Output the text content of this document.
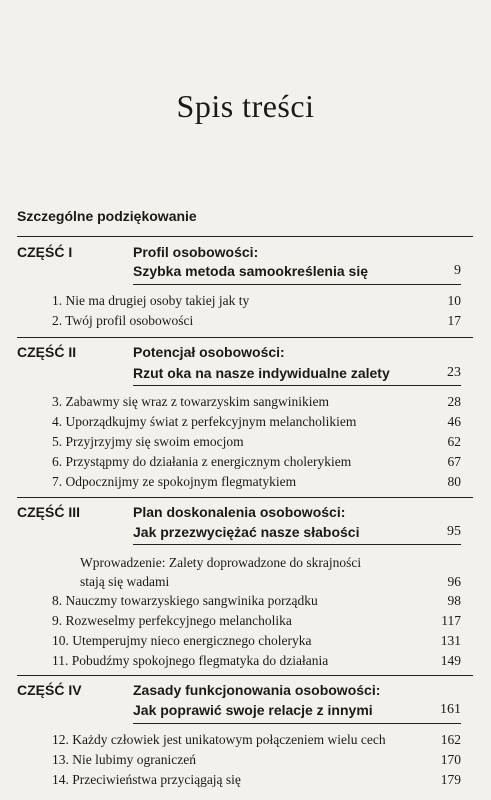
Spis treści
Szczególne podziękowanie
CZĘŚĆ I	Profil osobowości:
Szybka metoda samookreślenia się	9
1. Nie ma drugiej osoby takiej jak ty	10
2. Twój profil osobowości	17
CZĘŚĆ II	Potencjał osobowości:
Rzut oka na nasze indywidualne zalety	23
3. Zabawmy się wraz z towarzyskim sangwinikiem	28
4. Uporządkujmy świat z perfekcyjnym melancholikiem	46
5. Przyjrzyjmy się swoim emocjom	62
6. Przystąpmy do działania z energicznym cholerykiem	67
7. Odpocznijmy ze spokojnym flegmatykiem	80
CZĘŚĆ III	Plan doskonalenia osobowości:
Jak przezwyciężać nasze słabości	95
Wprowadzenie: Zalety doprowadzone do skrajności
stają się wadami	96
8. Nauczmy towarzyskiego sangwinika porządku	98
9. Rozweselmy perfekcyjnego melancholika	117
10. Utemperujmy nieco energicznego choleryka	131
11. Pobudźmy spokojnego flegmatyka do działania	149
CZĘŚĆ IV	Zasady funkcjonowania osobowości:
Jak poprawić swoje relacje z innymi	161
12. Każdy człowiek jest unikatowym połączeniem wielu cech	162
13. Nie lubimy ograniczeń	170
14. Przeciwieństwa przyciągają się	179
